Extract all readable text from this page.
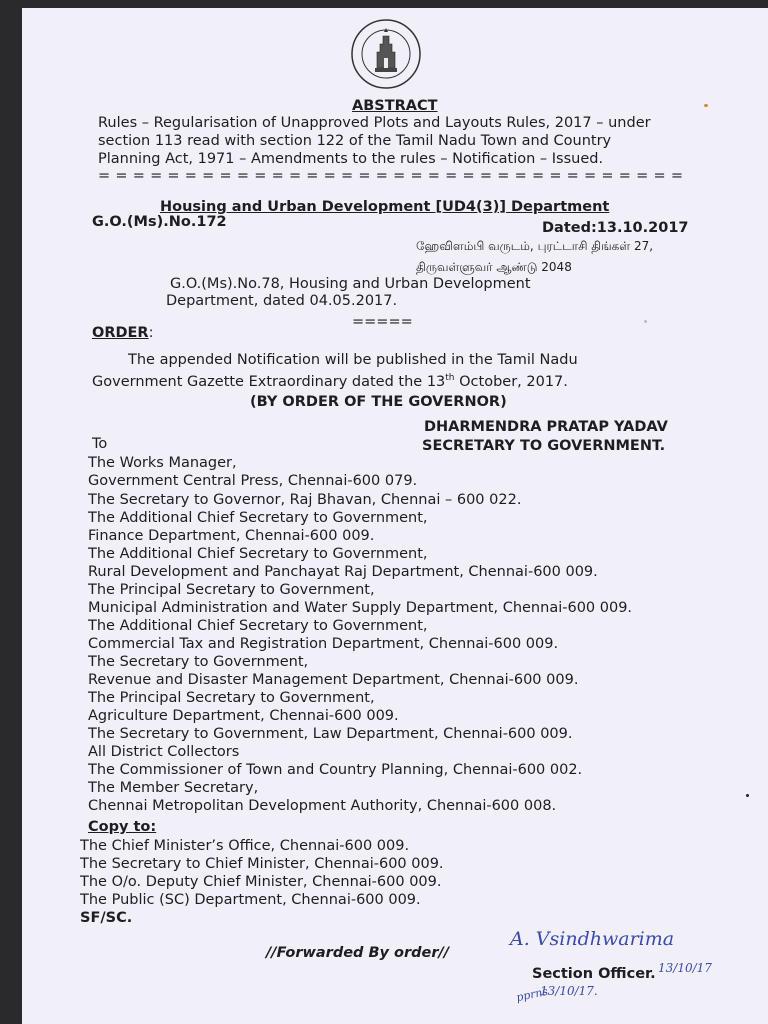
ABSTRACT
Rules – Regularisation of Unapproved Plots and Layouts Rules, 2017 – under
section 113 read with section 122 of the Tamil Nadu Town and Country
Planning Act, 1971 – Amendments to the rules – Notification – Issued.
= = = = = = = = = = = = = = = = = = = = = = = = = = = = = = = = = =
Housing and Urban Development [UD4(3)] Department
G.O.(Ms).No.172	Dated:13.10.2017
ஹேவிளம்பி வருடம், புரட்டாசி திங்கள் 27,
திருவள்ளுவர் ஆண்டு 2048
G.O.(Ms).No.78, Housing and Urban Development
Department, dated 04.05.2017.
=====
ORDER:
The appended Notification will be published in the Tamil Nadu
Government Gazette Extraordinary dated the 13th October, 2017.
(BY ORDER OF THE GOVERNOR)
DHARMENDRA PRATAP YADAV
SECRETARY TO GOVERNMENT.
To
The Works Manager,
Government Central Press, Chennai-600 079.
The Secretary to Governor, Raj Bhavan, Chennai – 600 022.
The Additional Chief Secretary to Government,
Finance Department, Chennai-600 009.
The Additional Chief Secretary to Government,
Rural Development and Panchayat Raj Department, Chennai-600 009.
The Principal Secretary to Government,
Municipal Administration and Water Supply Department, Chennai-600 009.
The Additional Chief Secretary to Government,
Commercial Tax and Registration Department, Chennai-600 009.
The Secretary to Government,
Revenue and Disaster Management Department, Chennai-600 009.
The Principal Secretary to Government,
Agriculture Department, Chennai-600 009.
The Secretary to Government, Law Department, Chennai-600 009.
All District Collectors
The Commissioner of Town and Country Planning, Chennai-600 002.
The Member Secretary,
Chennai Metropolitan Development Authority, Chennai-600 008.
Copy to:
The Chief Minister’s Office, Chennai-600 009.
The Secretary to Chief Minister, Chennai-600 009.
The O/o. Deputy Chief Minister, Chennai-600 009.
The Public (SC) Department, Chennai-600 009.
SF/SC.
//Forwarded By order//
A. Vsindhwarima
Section Officer. 13/10/17
pprns
13/10/17.
